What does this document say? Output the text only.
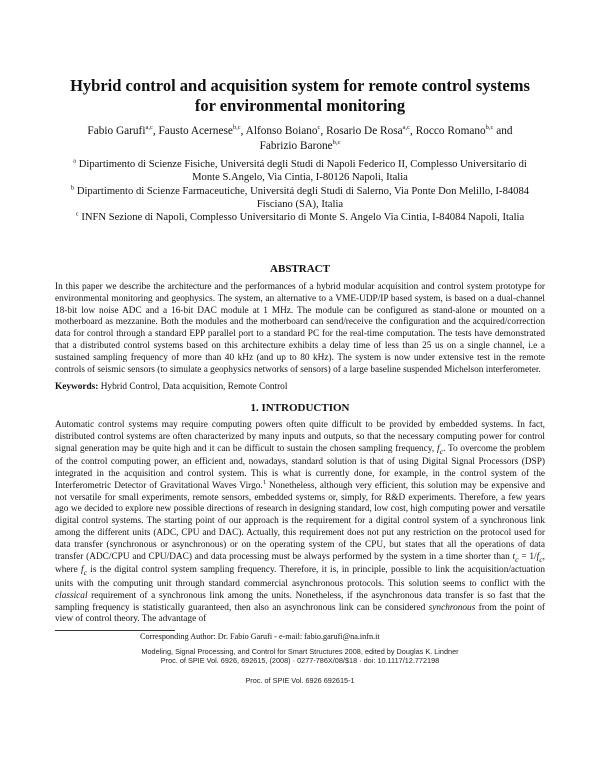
Hybrid control and acquisition system for remote control systems for environmental monitoring
Fabio Garufi$^{a,c}$, Fausto Acernese$^{b,c}$, Alfonso Boiano$^c$, Rosario De Rosa$^{a,c}$, Rocco Romano$^{b,c}$ and Fabrizio Barone$^{b,c}$
$^a$ Dipartimento di Scienze Fisiche, Universitá degli Studi di Napoli Federico II, Complesso Universitario di Monte S.Angelo, Via Cintia, I-80126 Napoli, Italia
$^b$ Dipartimento di Scienze Farmaceutiche, Universitá degli Studi di Salerno, Via Ponte Don Melillo, I-84084 Fisciano (SA), Italia
$^c$ INFN Sezione di Napoli, Complesso Universitario di Monte S. Angelo Via Cintia, I-84084 Napoli, Italia
ABSTRACT
In this paper we describe the architecture and the performances of a hybrid modular acquisition and control system prototype for environmental monitoring and geophysics. The system, an alternative to a VME-UDP/IP based system, is based on a dual-channel 18-bit low noise ADC and a 16-bit DAC module at 1 MHz. The module can be configured as stand-alone or mounted on a motherboard as mezzanine. Both the modules and the motherboard can send/receive the configuration and the acquired/correction data for control through a standard EPP parallel port to a standard PC for the real-time computation. The tests have demonstrated that a distributed control systems based on this architecture exhibits a delay time of less than 25 us on a single channel, i.e a sustained sampling frequency of more than 40 kHz (and up to 80 kHz). The system is now under extensive test in the remote controls of seismic sensors (to simulate a geophysics networks of sensors) of a large baseline suspended Michelson interferometer.
Keywords: Hybrid Control, Data acquisition, Remote Control
1. INTRODUCTION
Automatic control systems may require computing powers often quite difficult to be provided by embedded systems. In fact, distributed control systems are often characterized by many inputs and outputs, so that the necessary computing power for control signal generation may be quite high and it can be difficult to sustain the chosen sampling frequency, $f_c$. To overcome the problem of the control computing power, an efficient and, nowadays, standard solution is that of using Digital Signal Processors (DSP) integrated in the acquisition and control system. This is what is currently done, for example, in the control system of the Interferometric Detector of Gravitational Waves Virgo.$^1$ Nonetheless, although very efficient, this solution may be expensive and not versatile for small experiments, remote sensors, embedded systems or, simply, for R&D experiments. Therefore, a few years ago we decided to explore new possible directions of research in designing standard, low cost, high computing power and versatile digital control systems. The starting point of our approach is the requirement for a digital control system of a synchronous link among the different units (ADC, CPU and DAC). Actually, this requirement does not put any restriction on the protocol used for data transfer (synchronous or asynchronous) or on the operating system of the CPU, but states that all the operations of data transfer (ADC/CPU and CPU/DAC) and data processing must be always performed by the system in a time shorter than $t_c = 1/f_c$, where $f_c$ is the digital control system sampling frequency. Therefore, it is, in principle, possible to link the acquisition/actuation units with the computing unit through standard commercial asynchronous protocols. This solution seems to conflict with the classical requirement of a synchronous link among the units. Nonetheless, if the asynchronous data transfer is so fast that the sampling frequency is statistically guaranteed, then also an asynchronous link can be considered synchronous from the point of view of control theory. The advantage of
Corresponding Author: Dr. Fabio Garufi - e-mail: fabio.garufi@na.infn.it
Modeling, Signal Processing, and Control for Smart Structures 2008, edited by Douglas K. Lindner
Proc. of SPIE Vol. 6926, 692615, (2008) · 0277-786X/08/$18 · doi: 10.1117/12.772198
Proc. of SPIE Vol. 6926 692615-1
